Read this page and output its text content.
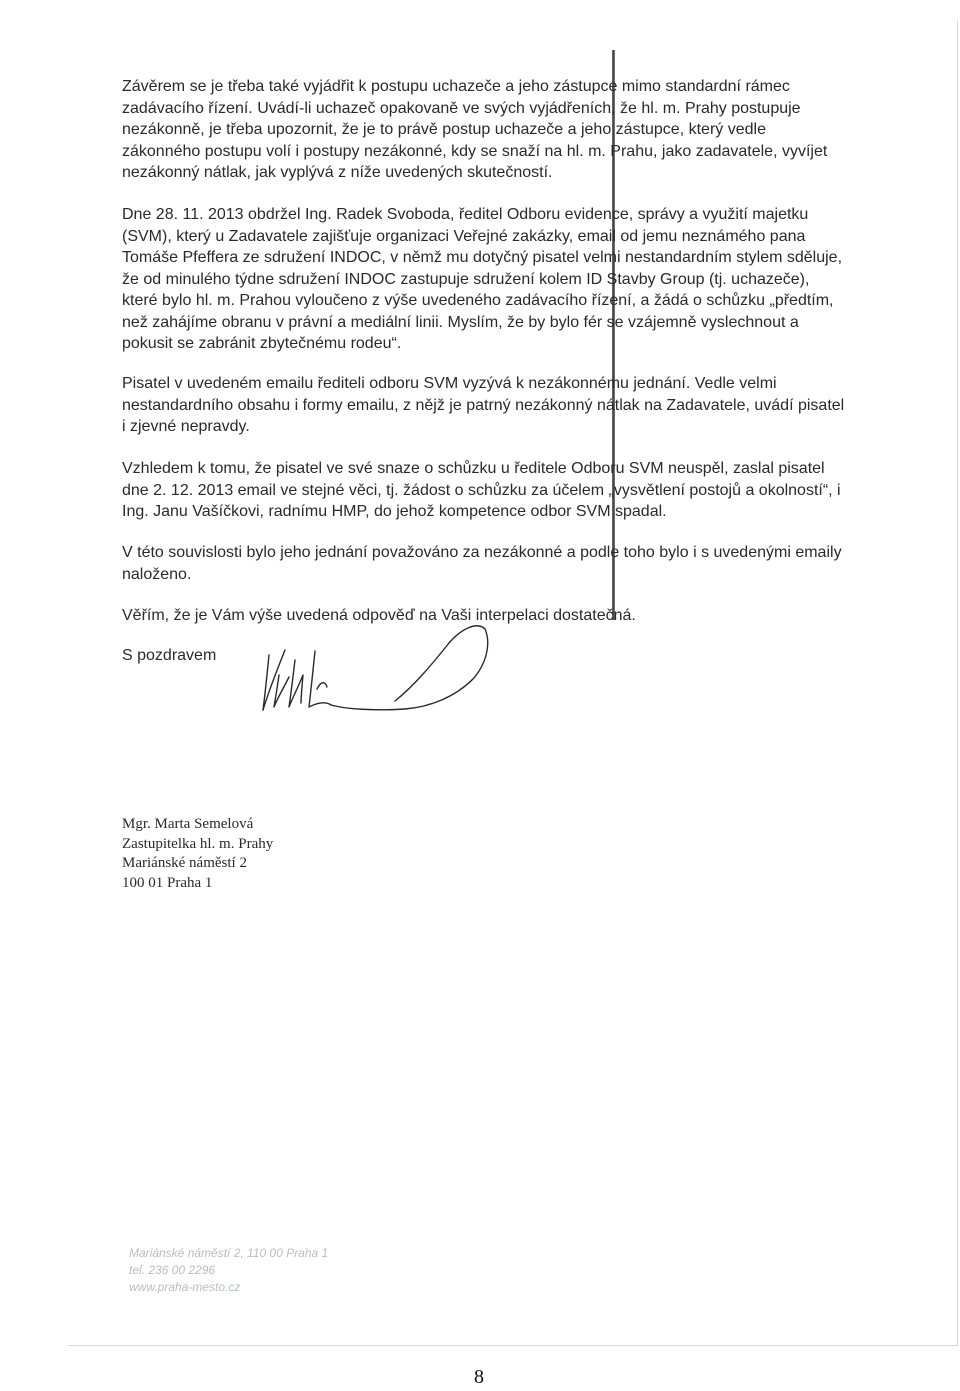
Závěrem se je třeba také vyjádřit k postupu uchazeče a jeho zástupce mimo standardní rámec

zadávacího řízení. Uvádí-li uchazeč opakovaně ve svých vyjádřeních, že hl. m. Prahy postupuje

nezákonně, je třeba upozornit, že je to právě postup uchazeče a jeho zástupce, který vedle

zákonného postupu volí i postupy nezákonné, kdy se snaží na hl. m. Prahu, jako zadavatele, vyvíjet

nezákonný nátlak, jak vyplývá z níže uvedených skutečností.

Dne 28. 11. 2013 obdržel Ing. Radek Svoboda, ředitel Odboru evidence, správy a využití majetku

(SVM), který u Zadavatele zajišťuje organizaci Veřejné zakázky, email od jemu neznámého pana

Tomáše Pfeffera ze sdružení INDOC, v němž mu dotyčný pisatel velmi nestandardním stylem sděluje,

že od minulého týdne sdružení INDOC zastupuje sdružení kolem ID Stavby Group (tj. uchazeče),

které bylo hl. m. Prahou vyloučeno z výše uvedeného zadávacího řízení, a žádá o schůzku „předtím,

než zahájíme obranu v právní a mediální linii. Myslím, že by bylo fér se vzájemně vyslechnout a

pokusit se zabránit zbytečnému rodeu“.

Pisatel v uvedeném emailu řediteli odboru SVM vyzývá k nezákonnému jednání. Vedle velmi

nestandardního obsahu i formy emailu, z nějž je patrný nezákonný nátlak na Zadavatele, uvádí pisatel

i zjevné nepravdy.

Vzhledem k tomu, že pisatel ve své snaze o schůzku u ředitele Odboru SVM neuspěl, zaslal pisatel

dne 2. 12. 2013 email ve stejné věci, tj. žádost o schůzku za účelem „vysvětlení postojů a okolností“, i

Ing. Janu Vašíčkovi, radnímu HMP, do jehož kompetence odbor SVM spadal.

V této souvislosti bylo jeho jednání považováno za nezákonné a podle toho bylo i s uvedenými emaily

naloženo.

Věřím, že je Vám výše uvedená odpověď na Vaši interpelaci dostatečná.

S pozdravem
Mgr. Marta Semelová
Zastupitelka hl. m. Prahy
Mariánské náměstí 2
100 01 Praha 1
Mariánské náměstí 2, 110 00 Praha 1
tel. 236 00 2296
www.praha-mesto.cz
8
